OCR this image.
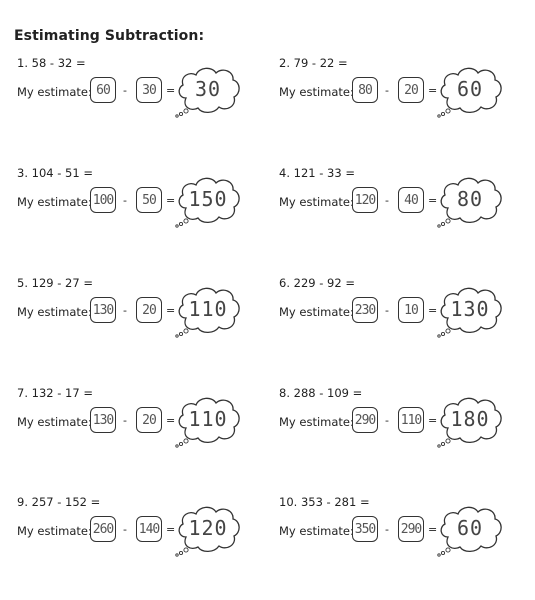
Estimating Subtraction:
1. 58 - 32 =
My estimate: 60	-	30 = 30
2. 79 - 22 =
My estimate: 80	-	20 = 60
3. 104 - 51 =
My estimate: 100 -	50 = 150
4. 121 - 33 =
My estimate: 120 -	40 = 80
5. 129 - 27 =
My estimate: 130 -	20 = 110
6. 229 - 92 =
My estimate: 230 -	10 = 130
7. 132 - 17 =
My estimate: 130 -	20 = 110
8. 288 - 109 =
My estimate: 290 - 110 = 180
9. 257 - 152 =
My estimate: 260 - 140 = 120
10. 353 - 281 =
My estimate: 350 - 290 = 60
